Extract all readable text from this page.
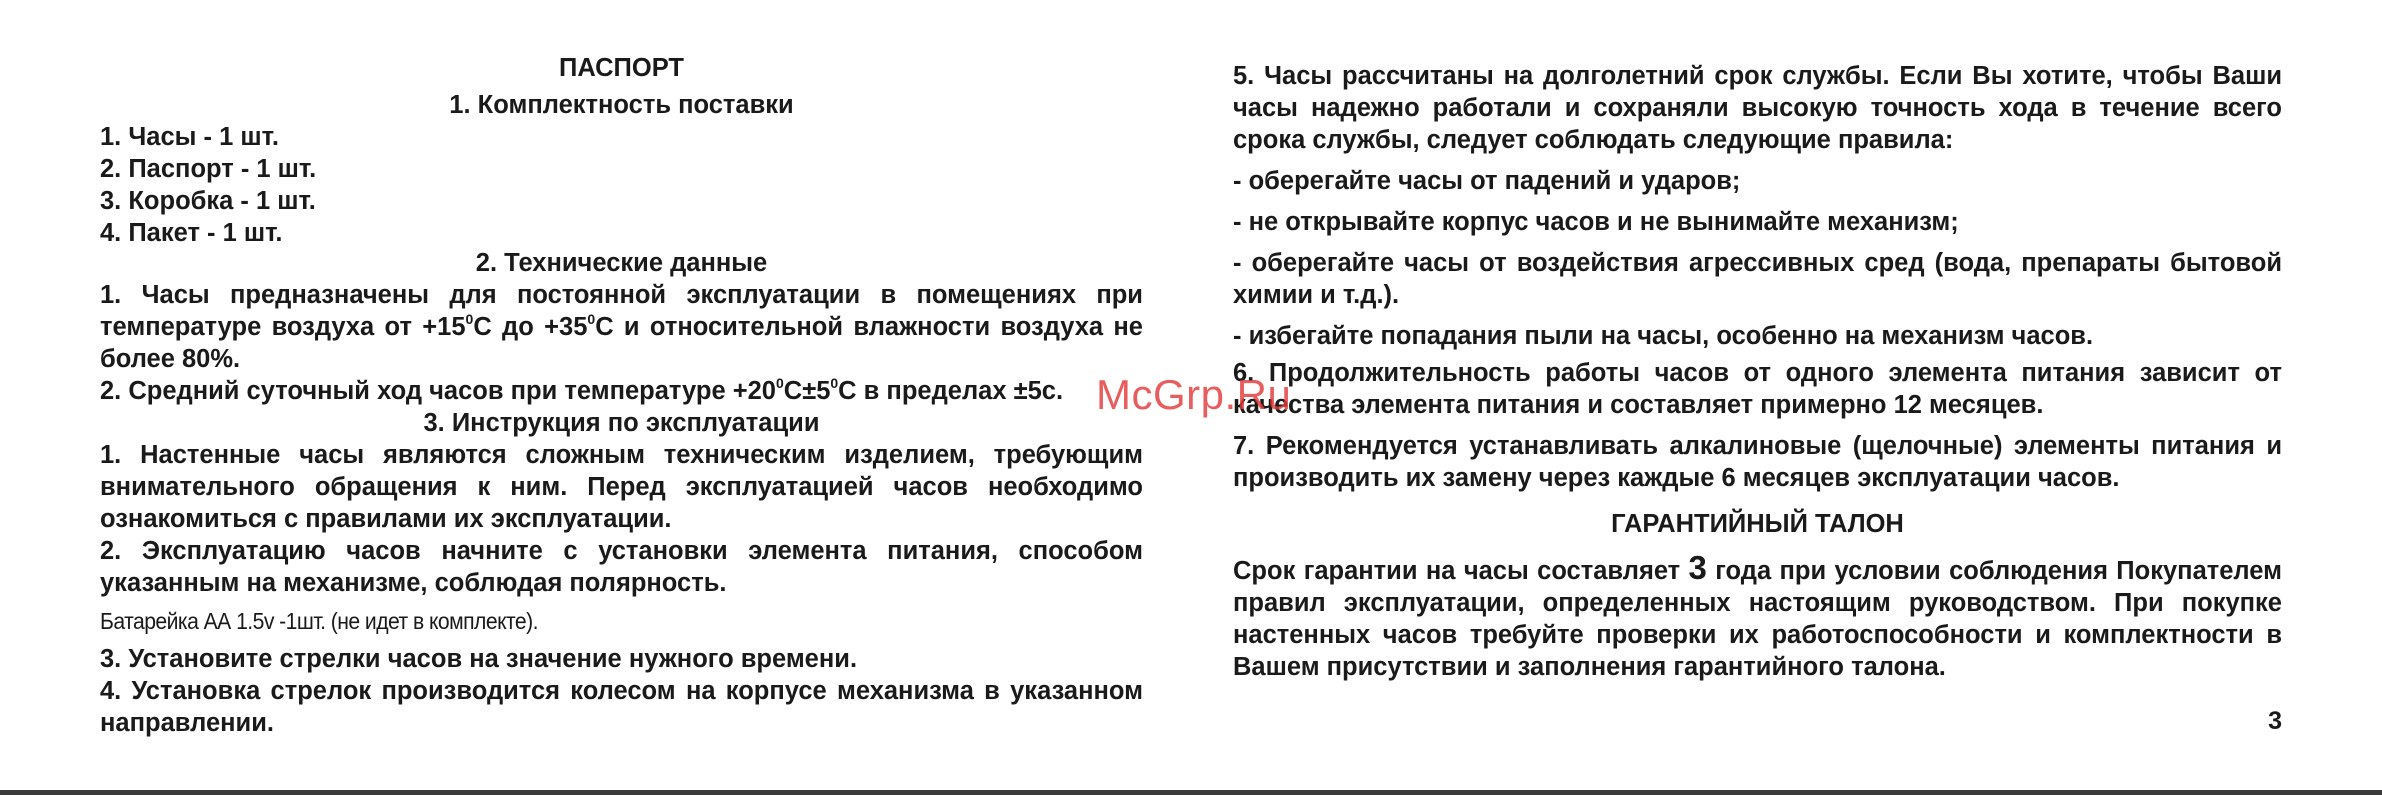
ПАСПОРТ
1. Комплектность поставки
1. Часы - 1 шт.
2. Паспорт - 1 шт.
3. Коробка - 1 шт.
4. Пакет - 1 шт.
2. Технические данные
1. Часы предназначены для постоянной эксплуатации в помещениях при температуре воздуха от $+15^0С$ до $+35^0С$ и относительной влажности воздуха не более 80%.
2. Средний суточный ход часов при температуре $+20^0С\pm 5^0С$ в пределах ±5с.
3. Инструкция по эксплуатации
1. Настенные часы являются сложным техническим изделием, требующим внимательного обращения к ним. Перед эксплуатацией часов необходимо ознакомиться с правилами их эксплуатации.
2. Эксплуатацию часов начните с установки элемента питания, способом указанным на механизме, соблюдая полярность.
Батарейка АА 1.5v -1шт. (не идет в комплекте).
3. Установите стрелки часов на значение нужного времени.
4. Установка стрелок производится колесом на корпусе механизма в указанном направлении.
5. Часы рассчитаны на долголетний срок службы. Если Вы хотите, чтобы Ваши часы надежно работали и сохраняли высокую точность хода в течение всего срока службы, следует соблюдать следующие правила:
- оберегайте часы от падений и ударов;
- не открывайте корпус часов и не вынимайте механизм;
- оберегайте часы от воздействия агрессивных сред (вода, препараты бытовой химии и т.д.).
- избегайте попадания пыли на часы, особенно на механизм часов.
6. Продолжительность работы часов от одного элемента питания зависит от качества элемента питания и составляет примерно 12 месяцев.
7. Рекомендуется устанавливать алкалиновые (щелочные) элементы питания и производить их замену через каждые 6 месяцев эксплуатации часов.
ГАРАНТИЙНЫЙ ТАЛОН
Срок гарантии на часы составляет 3 года при условии соблюдения Покупателем правил эксплуатации, определенных настоящим руководством. При покупке настенных часов требуйте проверки их работоспособности и комплектности в Вашем присутствии и заполнения гарантийного талона.
McGrp.Ru
3
